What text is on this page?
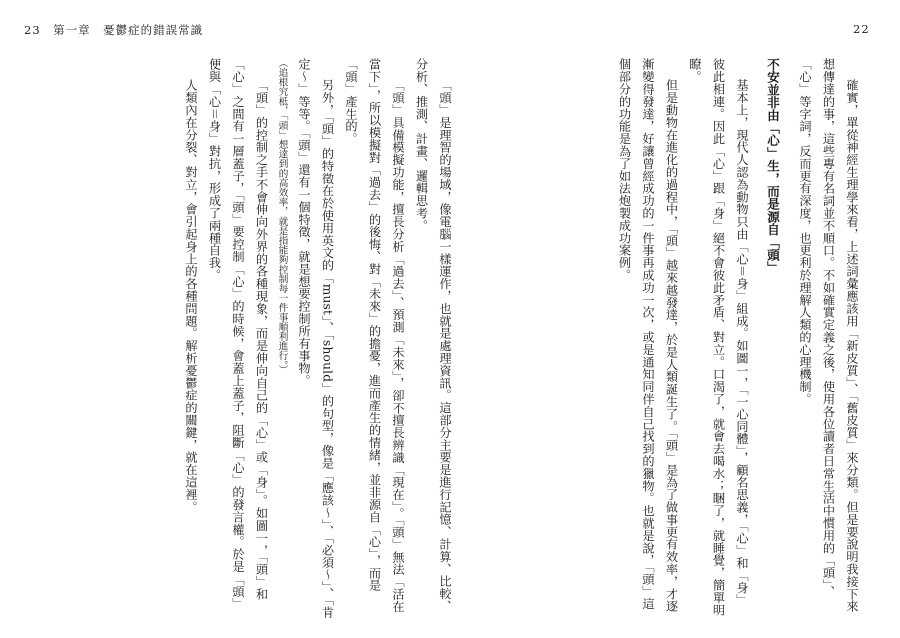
23　第一章　憂鬱症的錯誤常識	22

確實，單從神經生理學來看，上述詞彙應該用「新皮質」、「舊皮質」來分類。但是要說明我接下來想傳達的事，這些專有名詞並不順口。不如確實定義之後，使用各位讀者日常生活中慣用的「頭」、「心」等字詞，反而更有深度，也更利於理解人類的心理機制。

不安並非由「心」生，而是源自「頭」

基本上，現代人認為動物只由「心＝身」組成。如圖一，「一心同體」，顧名思義，「心」和「身」彼此相連。因此「心」跟「身」絕不會彼此矛盾、對立。口渴了，就會去喝水；睏了，就睡覺，簡單明瞭。

但是動物在進化的過程中，「頭」越來越發達，於是人類誕生了。「頭」是為了做事更有效率，才逐漸變得發達，好讓曾經成功的一件事再成功一次，或是通知同伴自己找到的獵物。也就是說，「頭」這個部分的功能是為了如法炮製成功案例。

「頭」是理智的場域，像電腦一樣運作，也就是處理資訊。這部分主要是進行記憶、計算、比較、分析、推測、計畫、邏輯思考。

「頭」具備模擬功能，擅長分析「過去」、預測「未來」，卻不擅長辨識「現在」。「頭」無法「活在當下」，所以模擬對「過去」的後悔、對「未來」的擔憂，進而產生的情緒，並非源自「心」，而是「頭」產生的。

另外，「頭」的特徵在於使用英文的「must」、「should」的句型，像是「應該～」、「必須～」、「肯定～」等等。「頭」還有一個特徵，就是想要控制所有事物。

（追根究柢，「頭」想達到的高效率，就是指能夠控制每一件事順利進行。）

「頭」的控制之手不會伸向外界的各種現象，而是伸向自己的「心」或「身」。如圖一，「頭」和「心」之間有一層蓋子，「頭」要控制「心」的時候，會蓋上蓋子，阻斷「心」的發言權。於是「頭」便與「心＝身」對抗，形成了兩種自我。

人類內在分裂、對立，會引起身上的各種問題。解析憂鬱症的關鍵，就在這裡。
